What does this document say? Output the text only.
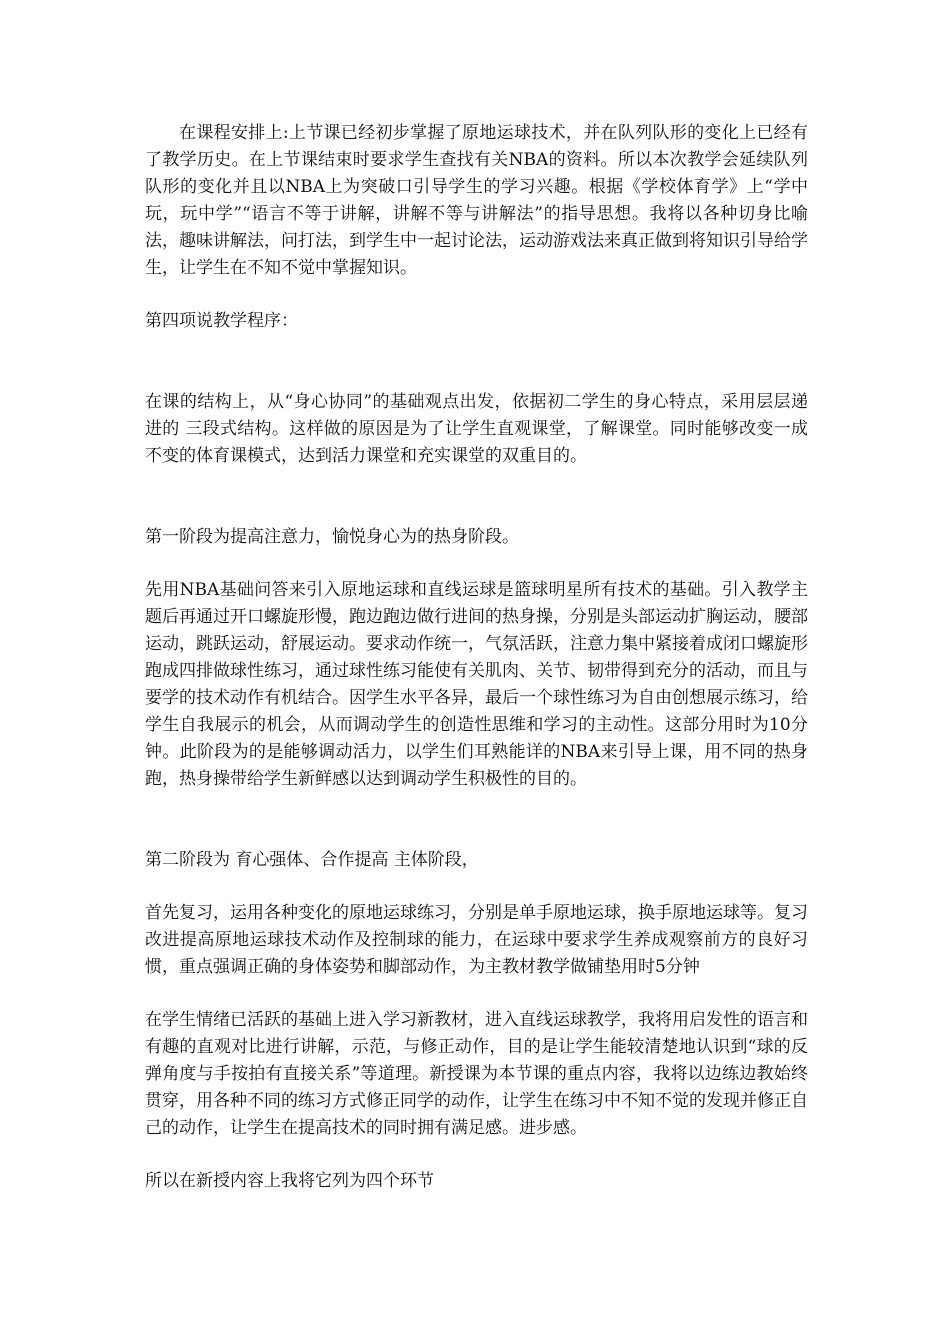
在课程安排上:上节课已经初步掌握了原地运球技术，并在队列队形的变化上已经有了教学历史。在上节课结束时要求学生查找有关NBA的资料。所以本次教学会延续队列队形的变化并且以NBA上为突破口引导学生的学习兴趣。根据《学校体育学》上“学中玩，玩中学”“语言不等于讲解，讲解不等与讲解法”的指导思想。我将以各种切身比喻法，趣味讲解法，问打法，到学生中一起讨论法，运动游戏法来真正做到将知识引导给学生，让学生在不知不觉中掌握知识。

第四项说教学程序：

在课的结构上，从“身心协同”的基础观点出发，依据初二学生的身心特点，采用层层递进的 三段式结构。这样做的原因是为了让学生直观课堂，了解课堂。同时能够改变一成不变的体育课模式，达到活力课堂和充实课堂的双重目的。

第一阶段为提高注意力，愉悦身心为的热身阶段。

先用NBA基础问答来引入原地运球和直线运球是篮球明星所有技术的基础。引入教学主题后再通过开口螺旋形慢，跑边跑边做行进间的热身操，分别是头部运动扩胸运动，腰部运动，跳跃运动，舒展运动。要求动作统一，气氛活跃，注意力集中紧接着成闭口螺旋形跑成四排做球性练习，通过球性练习能使有关肌肉、关节、韧带得到充分的活动，而且与要学的技术动作有机结合。因学生水平各异，最后一个球性练习为自由创想展示练习，给学生自我展示的机会，从而调动学生的创造性思维和学习的主动性。这部分用时为10分钟。此阶段为的是能够调动活力，以学生们耳熟能详的NBA来引导上课，用不同的热身跑，热身操带给学生新鲜感以达到调动学生积极性的目的。

第二阶段为 育心强体、合作提高 主体阶段，

首先复习，运用各种变化的原地运球练习，分别是单手原地运球，换手原地运球等。复习改进提高原地运球技术动作及控制球的能力，在运球中要求学生养成观察前方的良好习惯，重点强调正确的身体姿势和脚部动作，为主教材教学做铺垫用时5分钟

在学生情绪已活跃的基础上进入学习新教材，进入直线运球教学，我将用启发性的语言和有趣的直观对比进行讲解，示范，与修正动作，目的是让学生能较清楚地认识到“球的反弹角度与手按拍有直接关系”等道理。新授课为本节课的重点内容，我将以边练边教始终贯穿，用各种不同的练习方式修正同学的动作，让学生在练习中不知不觉的发现并修正自己的动作，让学生在提高技术的同时拥有满足感。进步感。

所以在新授内容上我将它列为四个环节
